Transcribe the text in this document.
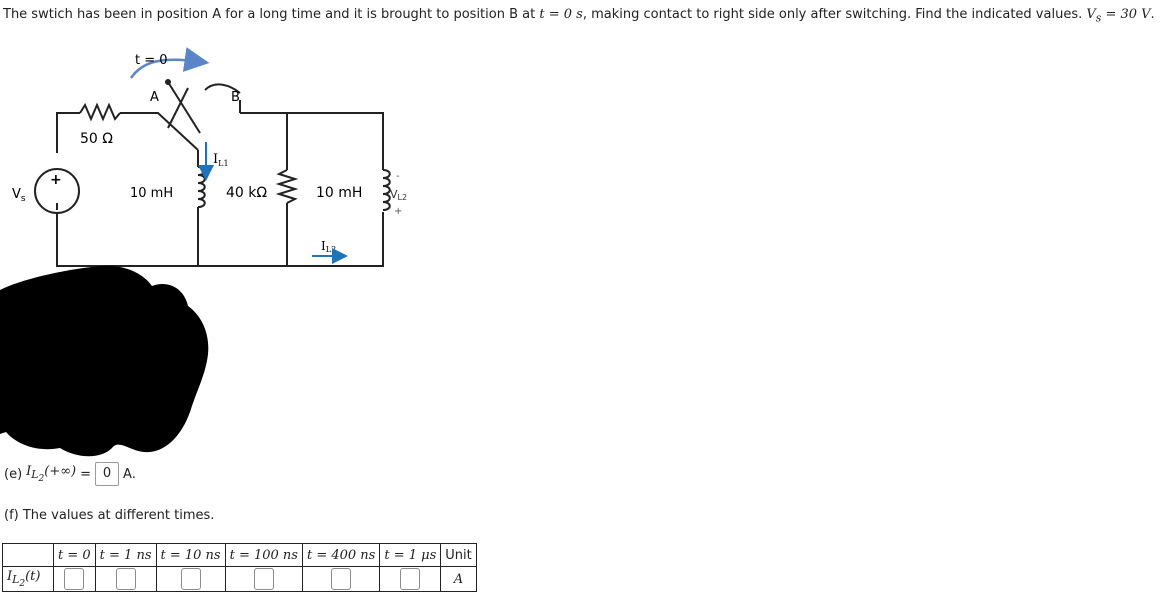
The swtich has been in position A for a long time and it is brought to position B at t = 0 s, making contact to right side only after switching. Find the indicated values. $V_s = 30$ V.
+
$V_s$
t = 0
A	B
50 Ω
10 mH
$I_{L1}$
40 kΩ	10 mH
-
VL2
+
IL2
(e) $I_{L_2}(+\infty) = 0$ A.
(f) The values at different times.
	t = 0	t = 1 ns	t = 10 ns	t = 100 ns	t = 400 ns	t = 1 μs	Unit
$I_{L_2}(t)$							A
